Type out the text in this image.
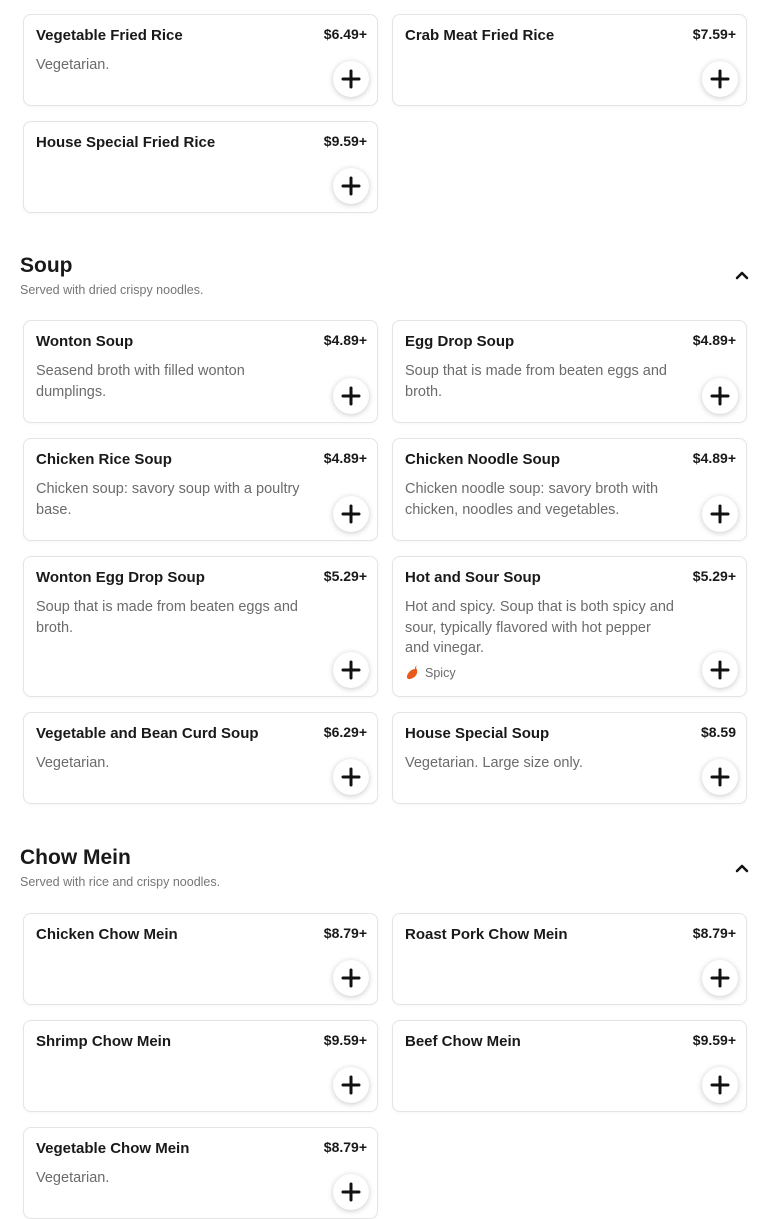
Vegetable Fried Rice	$6.49+
Vegetarian.
Crab Meat Fried Rice	$7.59+
House Special Fried Rice	$9.59+
Soup
Served with dried crispy noodles.
Wonton Soup	$4.89+
Seasend broth with filled wonton dumplings.
Egg Drop Soup	$4.89+
Soup that is made from beaten eggs and broth.
Chicken Rice Soup	$4.89+
Chicken soup: savory soup with a poultry base.
Chicken Noodle Soup	$4.89+
Chicken noodle soup: savory broth with chicken, noodles and vegetables.
Wonton Egg Drop Soup	$5.29+
Soup that is made from beaten eggs and broth.
Hot and Sour Soup	$5.29+
Hot and spicy. Soup that is both spicy and sour, typically flavored with hot pepper and vinegar.
Spicy
Vegetable and Bean Curd Soup	$6.29+
Vegetarian.
House Special Soup	$8.59
Vegetarian. Large size only.
Chow Mein
Served with rice and crispy noodles.
Chicken Chow Mein	$8.79+	Roast Pork Chow Mein	$8.79+
Shrimp Chow Mein	$9.59+	Beef Chow Mein	$9.59+
Vegetable Chow Mein	$8.79+
Vegetarian.
